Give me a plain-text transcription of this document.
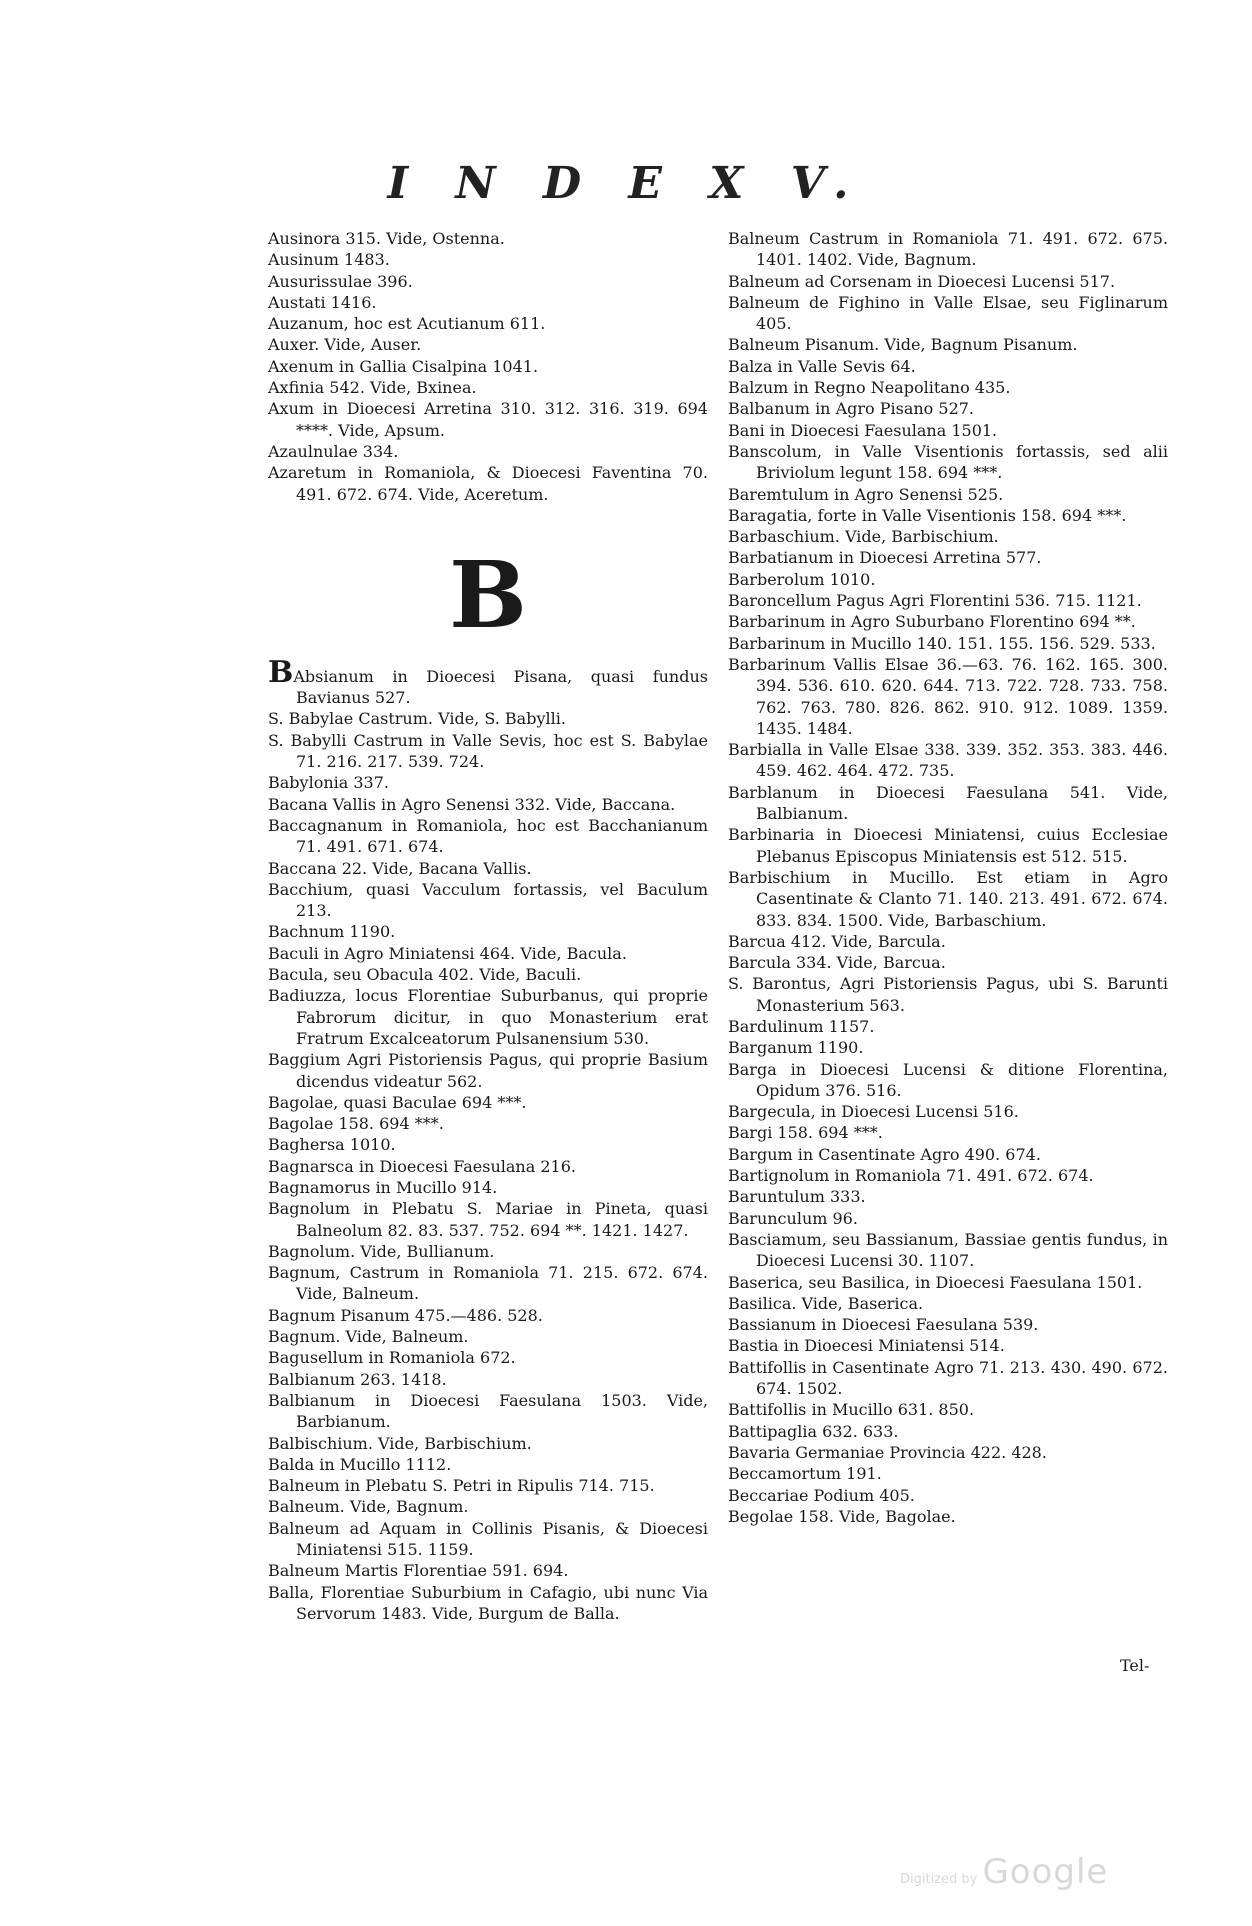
I N D E X V.
Ausinora 315. Vide, Ostenna.
Ausinum 1483.
Ausurissulae 396.
Austati 1416.
Auzanum, hoc est Acutianum 611.
Auxer. Vide, Auser.
Axenum in Gallia Cisalpina 1041.
Axfinia 542. Vide, Bxinea.
Axum in Dioecesi Arretina 310. 312. 316. 319. 694 ****. Vide, Apsum.
Azaulnulae 334.
Azaretum in Romaniola, & Dioecesi Faventina 70. 491. 672. 674. Vide, Aceretum.
B
BAbsianum in Dioecesi Pisana, quasi fundus Bavianus 527.
S. Babylae Castrum. Vide, S. Babylli.
S. Babylli Castrum in Valle Sevis, hoc est S. Babylae 71. 216. 217. 539. 724.
Babylonia 337.
Bacana Vallis in Agro Senensi 332. Vide, Baccana.
Baccagnanum in Romaniola, hoc est Bacchanianum 71. 491. 671. 674.
Baccana 22. Vide, Bacana Vallis.
Bacchium, quasi Vacculum fortassis, vel Baculum 213.
Bachnum 1190.
Baculi in Agro Miniatensi 464. Vide, Bacula.
Bacula, seu Obacula 402. Vide, Baculi.
Badiuzza, locus Florentiae Suburbanus, qui proprie Fabrorum dicitur, in quo Monasterium erat Fratrum Excalceatorum Pulsanensium 530.
Baggium Agri Pistoriensis Pagus, qui proprie Basium dicendus videatur 562.
Bagolae, quasi Baculae 694 ***.
Bagolae 158. 694 ***.
Baghersa 1010.
Bagnarsca in Dioecesi Faesulana 216.
Bagnamorus in Mucillo 914.
Bagnolum in Plebatu S. Mariae in Pineta, quasi Balneolum 82. 83. 537. 752. 694 **. 1421. 1427.
Bagnolum. Vide, Bullianum.
Bagnum, Castrum in Romaniola 71. 215. 672. 674. Vide, Balneum.
Bagnum Pisanum 475.—486. 528.
Bagnum. Vide, Balneum.
Bagusellum in Romaniola 672.
Balbianum 263. 1418.
Balbianum in Dioecesi Faesulana 1503. Vide, Barbianum.
Balbischium. Vide, Barbischium.
Balda in Mucillo 1112.
Balneum in Plebatu S. Petri in Ripulis 714. 715.
Balneum. Vide, Bagnum.
Balneum ad Aquam in Collinis Pisanis, & Dioecesi Miniatensi 515. 1159.
Balneum Martis Florentiae 591. 694.
Balla, Florentiae Suburbium in Cafagio, ubi nunc Via Servorum 1483. Vide, Burgum de Balla.
Balneum Castrum in Romaniola 71. 491. 672. 675. 1401. 1402. Vide, Bagnum.
Balneum ad Corsenam in Dioecesi Lucensi 517.
Balneum de Fighino in Valle Elsae, seu Figlinarum 405.
Balneum Pisanum. Vide, Bagnum Pisanum.
Balza in Valle Sevis 64.
Balzum in Regno Neapolitano 435.
Balbanum in Agro Pisano 527.
Bani in Dioecesi Faesulana 1501.
Banscolum, in Valle Visentionis fortassis, sed alii Briviolum legunt 158. 694 ***.
Baremtulum in Agro Senensi 525.
Baragatia, forte in Valle Visentionis 158. 694 ***.
Barbaschium. Vide, Barbischium.
Barbatianum in Dioecesi Arretina 577.
Barberolum 1010.
Baroncellum Pagus Agri Florentini 536. 715. 1121.
Barbarinum in Agro Suburbano Florentino 694 **.
Barbarinum in Mucillo 140. 151. 155. 156. 529. 533.
Barbarinum Vallis Elsae 36.—63. 76. 162. 165. 300. 394. 536. 610. 620. 644. 713. 722. 728. 733. 758. 762. 763. 780. 826. 862. 910. 912. 1089. 1359. 1435. 1484.
Barbialla in Valle Elsae 338. 339. 352. 353. 383. 446. 459. 462. 464. 472. 735.
Barblanum in Dioecesi Faesulana 541. Vide, Balbianum.
Barbinaria in Dioecesi Miniatensi, cuius Ecclesiae Plebanus Episcopus Miniatensis est 512. 515.
Barbischium in Mucillo. Est etiam in Agro Casentinate & Clanto 71. 140. 213. 491. 672. 674. 833. 834. 1500. Vide, Barbaschium.
Barcua 412. Vide, Barcula.
Barcula 334. Vide, Barcua.
S. Barontus, Agri Pistoriensis Pagus, ubi S. Barunti Monasterium 563.
Bardulinum 1157.
Barganum 1190.
Barga in Dioecesi Lucensi & ditione Florentina, Opidum 376. 516.
Bargecula, in Dioecesi Lucensi 516.
Bargi 158. 694 ***.
Bargum in Casentinate Agro 490. 674.
Bartignolum in Romaniola 71. 491. 672. 674.
Baruntulum 333.
Barunculum 96.
Basciamum, seu Bassianum, Bassiae gentis fundus, in Dioecesi Lucensi 30. 1107.
Baserica, seu Basilica, in Dioecesi Faesulana 1501.
Basilica. Vide, Baserica.
Bassianum in Dioecesi Faesulana 539.
Bastia in Dioecesi Miniatensi 514.
Battifollis in Casentinate Agro 71. 213. 430. 490. 672. 674. 1502.
Battifollis in Mucillo 631. 850.
Battipaglia 632. 633.
Bavaria Germaniae Provincia 422. 428.
Beccamortum 191.
Beccariae Podium 405.
Begolae 158. Vide, Bagolae.
Tel-
Digitized by Google
